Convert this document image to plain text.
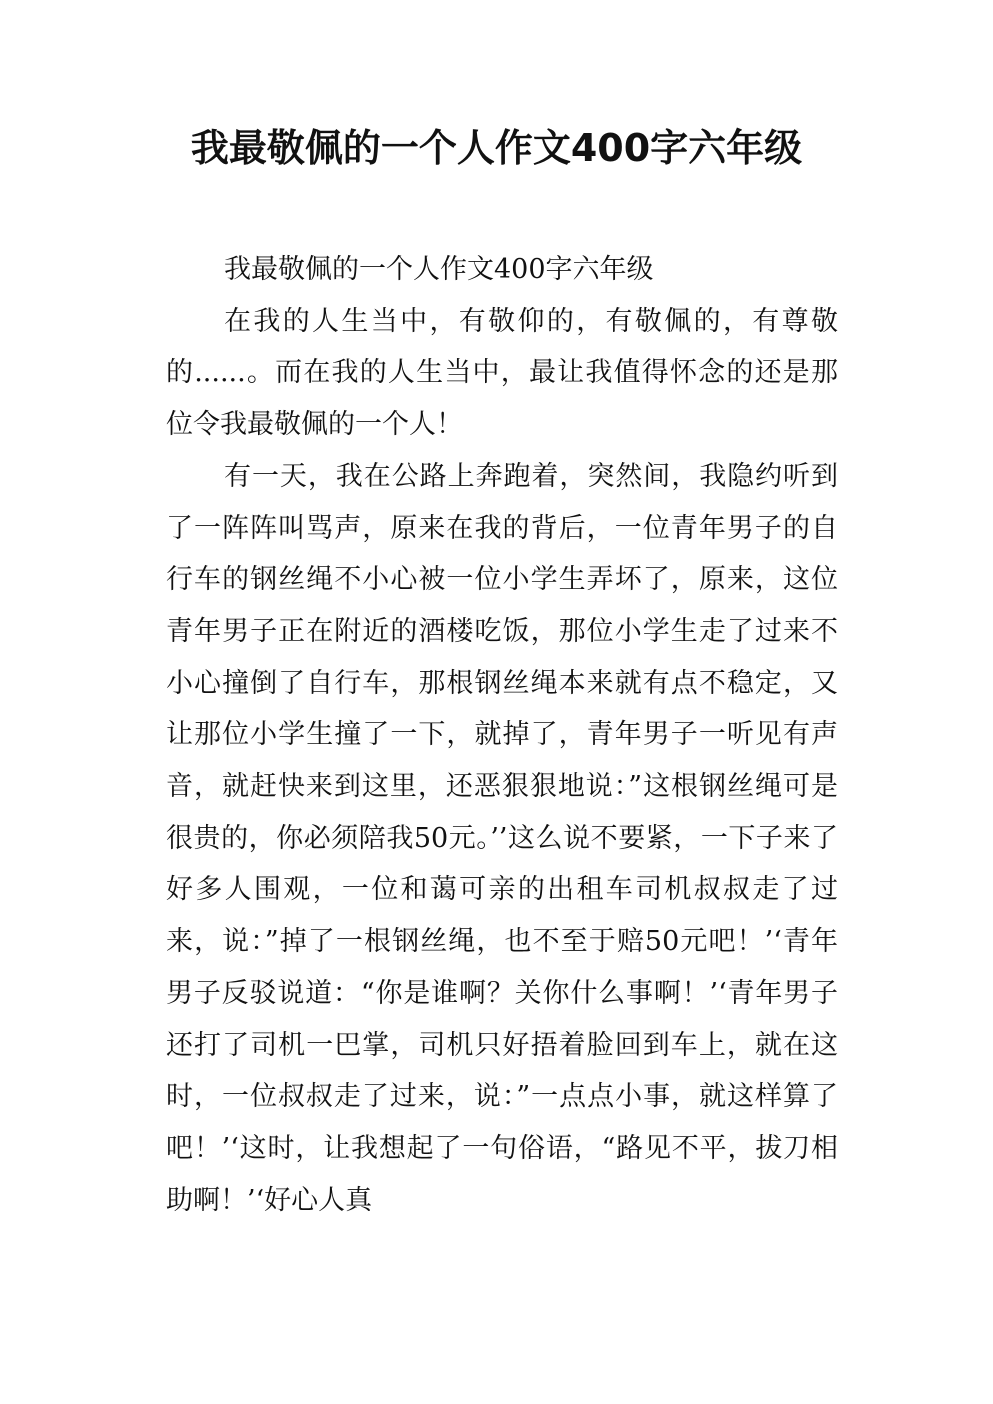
我最敬佩的一个人作文400字六年级

我最敬佩的一个人作文400字六年级

在我的人生当中，有敬仰的，有敬佩的，有尊敬的......。而在我的人生当中，最让我值得怀念的还是那位令我最敬佩的一个人！

有一天，我在公路上奔跑着，突然间，我隐约听到了一阵阵叫骂声，原来在我的背后，一位青年男子的自行车的钢丝绳不小心被一位小学生弄坏了，原来，这位青年男子正在附近的酒楼吃饭，那位小学生走了过来不小心撞倒了自行车，那根钢丝绳本来就有点不稳定，又让那位小学生撞了一下，就掉了，青年男子一听见有声音，就赶快来到这里，还恶狠狠地说：”这根钢丝绳可是很贵的，你必须陪我50元。’’这么说不要紧，一下子来了好多人围观，一位和蔼可亲的出租车司机叔叔走了过来，说：”掉了一根钢丝绳，也不至于赔50元吧！’‘青年男子反驳说道：“你是谁啊？关你什么事啊！’‘青年男子还打了司机一巴掌，司机只好捂着脸回到车上，就在这时，一位叔叔走了过来，说：”一点点小事，就这样算了吧！’‘这时，让我想起了一句俗语，“路见不平，拔刀相助啊！’‘好心人真
